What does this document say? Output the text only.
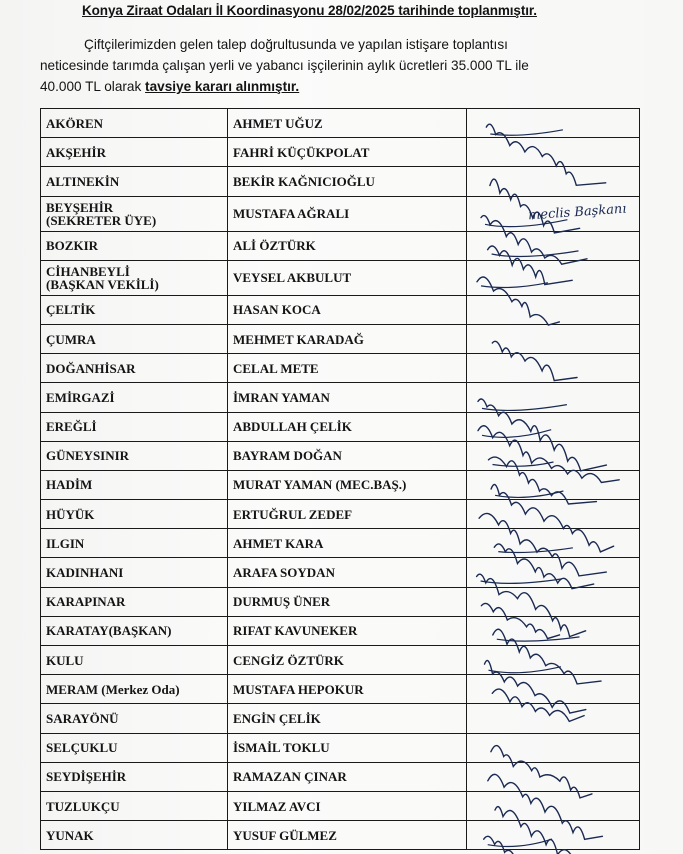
Konya Ziraat Odaları İl Koordinasyonu 28/02/2025 tarihinde toplanmıştır.
Çiftçilerimizden gelen talep doğrultusunda ve yapılan istişare toplantısı
neticesinde tarımda çalışan yerli ve yabancı işçilerinin aylık ücretleri 35.000 TL ile
40.000 TL olarak tavsiye kararı alınmıştır.
AKÖREN	AHMET UĞUZ	
AKŞEHİR	FAHRİ KÜÇÜKPOLAT	
ALTINEKİN	BEKİR KAĞNICIOĞLU	
BEYŞEHİR
(SEKRETER ÜYE)	MUSTAFA AĞRALI	
BOZKIR	ALİ ÖZTÜRK	
CİHANBEYLİ
(BAŞKAN VEKİLİ)	VEYSEL AKBULUT	
ÇELTİK	HASAN KOCA	
ÇUMRA	MEHMET KARADAĞ	
DOĞANHİSAR	CELAL METE	
EMİRGAZİ	İMRAN YAMAN	
EREĞLİ	ABDULLAH ÇELİK	
GÜNEYSINIR	BAYRAM DOĞAN	
HADİM	MURAT YAMAN (MEC.BAŞ.)	
HÜYÜK	ERTUĞRUL ZEDEF	
ILGIN	AHMET KARA	
KADINHANI	ARAFA SOYDAN	
KARAPINAR	DURMUŞ ÜNER	
KARATAY(BAŞKAN)	RIFAT KAVUNEKER	
KULU	CENGİZ ÖZTÜRK	
MERAM (Merkez Oda)	MUSTAFA HEPOKUR	
SARAYÖNÜ	ENGİN ÇELİK	
SELÇUKLU	İSMAİL TOKLU	
SEYDİŞEHİR	RAMAZAN ÇINAR	
TUZLUKÇU	YILMAZ AVCI	
YUNAK	YUSUF GÜLMEZ	
meclis Başkanı
